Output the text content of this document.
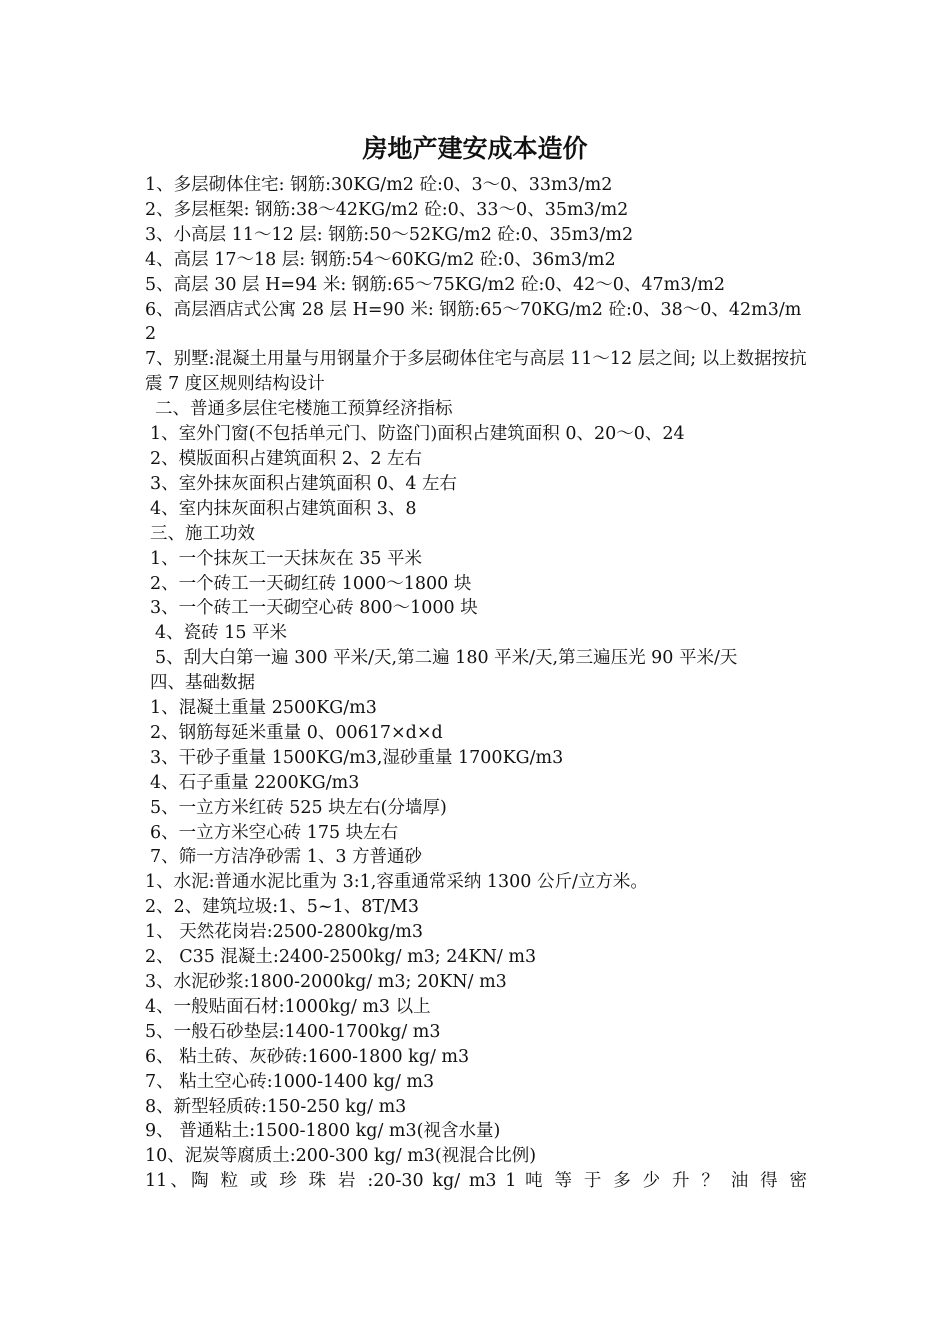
房地产建安成本造价
1、多层砌体住宅: 钢筋:30KG/m2 砼:0、3～0、33m3/m2
2、多层框架: 钢筋:38～42KG/m2 砼:0、33～0、35m3/m2
3、小高层 11～12 层: 钢筋:50～52KG/m2 砼:0、35m3/m2
4、高层 17～18 层: 钢筋:54～60KG/m2 砼:0、36m3/m2
5、高层 30 层 H=94 米: 钢筋:65～75KG/m2 砼:0、42～0、47m3/m2
6、高层酒店式公寓 28 层 H=90 米: 钢筋:65～70KG/m2 砼:0、38～0、42m3/m2
7、别墅:混凝土用量与用钢量介于多层砌体住宅与高层 11～12 层之间; 以上数据按抗震 7 度区规则结构设计
二、普通多层住宅楼施工预算经济指标
1、室外门窗(不包括单元门、防盗门)面积占建筑面积 0、20～0、24
2、模版面积占建筑面积 2、2 左右
3、室外抹灰面积占建筑面积 0、4 左右
4、室内抹灰面积占建筑面积 3、8
三、施工功效
1、一个抹灰工一天抹灰在 35 平米
2、一个砖工一天砌红砖 1000～1800 块
3、一个砖工一天砌空心砖 800～1000 块
4、瓷砖 15 平米
5、刮大白第一遍 300 平米/天,第二遍 180 平米/天,第三遍压光 90 平米/天
四、基础数据
1、混凝土重量 2500KG/m3
2、钢筋每延米重量 0、00617×d×d
3、干砂子重量 1500KG/m3,湿砂重量 1700KG/m3
4、石子重量 2200KG/m3
5、一立方米红砖 525 块左右(分墙厚)
6、一立方米空心砖 175 块左右
7、筛一方洁净砂需 1、3 方普通砂
1、水泥:普通水泥比重为 3:1,容重通常采纳 1300 公斤/立方米。
2、2、建筑垃圾:1、5~1、8T/M3
1、 天然花岗岩:2500-2800kg/m3
2、 C35 混凝土:2400-2500kg/ m3; 24KN/ m3
3、水泥砂浆:1800-2000kg/ m3; 20KN/ m3
4、一般贴面石材:1000kg/ m3 以上
5、一般石砂垫层:1400-1700kg/ m3
6、 粘土砖、灰砂砖:1600-1800 kg/ m3
7、 粘土空心砖:1000-1400 kg/ m3
8、新型轻质砖:150-250 kg/ m3
9、 普通粘土:1500-1800 kg/ m3(视含水量)
10、泥炭等腐质土:200-300 kg/ m3(视混合比例)
11、陶 粒 或 珍 珠 岩 :20-30 kg/ m3 1 吨 等 于 多 少 升 ？ 油 得 密
